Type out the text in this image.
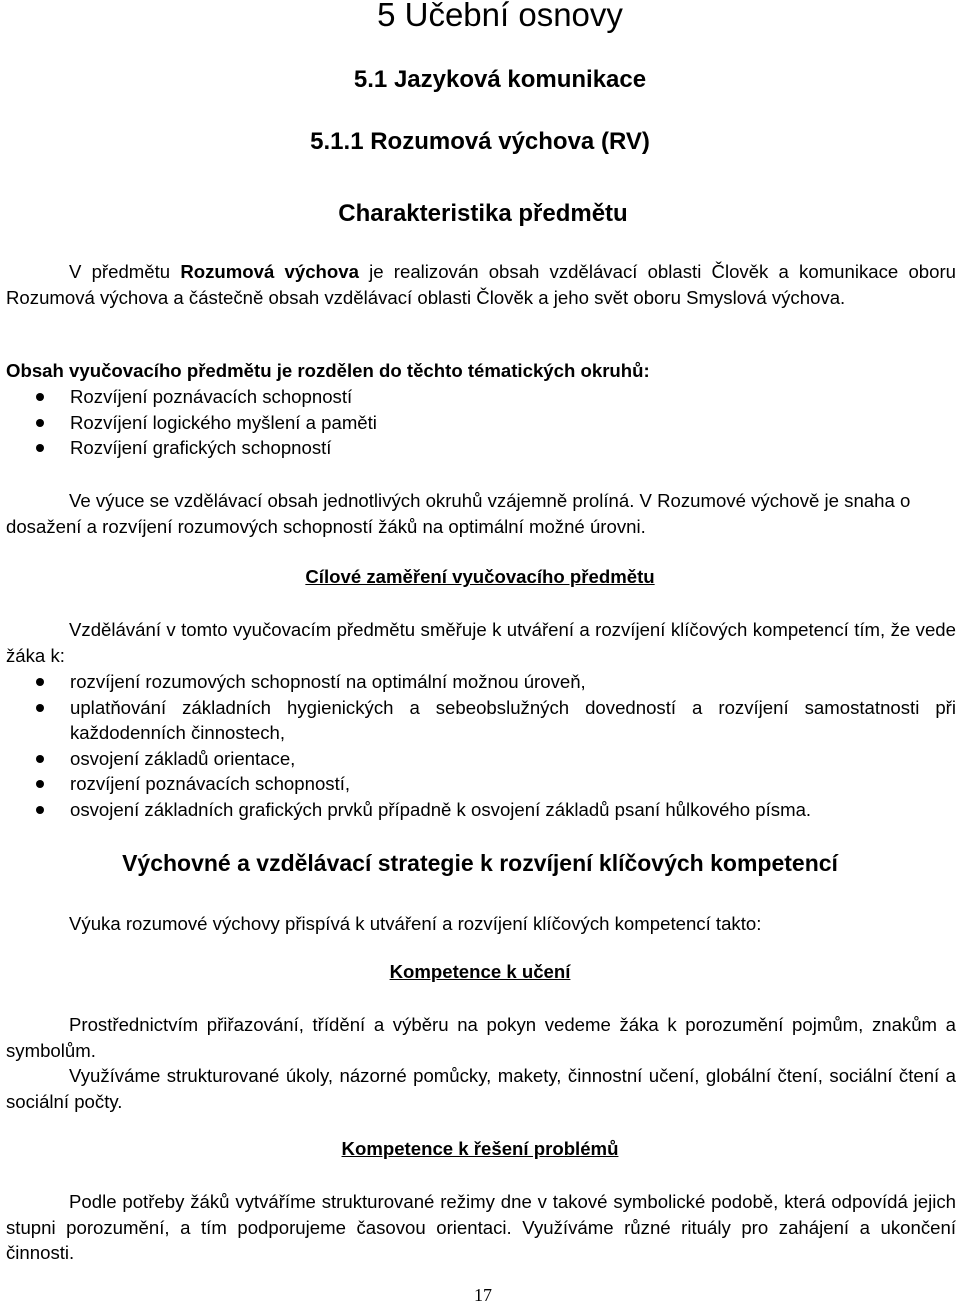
5 Učební osnovy
5.1 Jazyková komunikace
5.1.1 Rozumová výchova (RV)
Charakteristika předmětu

V předmětu Rozumová výchova je realizován obsah vzdělávací oblasti Člověk a komunikace oboru Rozumová výchova a částečně obsah vzdělávací oblasti Člověk a jeho svět oboru Smyslová výchova.

Obsah vyučovacího předmětu je rozdělen do těchto tématických okruhů:

Rozvíjení poznávacích schopností
Rozvíjení logického myšlení a paměti
Rozvíjení grafických schopností

Ve výuce se vzdělávací obsah jednotlivých okruhů vzájemně prolíná. V Rozumové výchově je snaha o dosažení a rozvíjení rozumových schopností žáků na optimální možné úrovni.

Cílové zaměření vyučovacího předmětu

Vzdělávání v tomto vyučovacím předmětu směřuje k utváření a rozvíjení klíčových kompetencí tím, že vede žáka k:

rozvíjení rozumových schopností na optimální možnou úroveň,
uplatňování základních hygienických a sebeobslužných dovedností a rozvíjení samostatnosti při každodenních činnostech,
osvojení základů orientace,
rozvíjení poznávacích schopností,
osvojení základních grafických prvků případně k osvojení základů psaní hůlkového písma.
Výchovné a vzdělávací strategie k rozvíjení klíčových kompetencí

Výuka rozumové výchovy přispívá k utváření a rozvíjení klíčových kompetencí takto:

Kompetence k učení

Prostřednictvím přiřazování, třídění a výběru na pokyn vedeme žáka k porozumění pojmům, znakům a symbolům.

Využíváme strukturované úkoly, názorné pomůcky, makety, činnostní učení, globální čtení, sociální čtení a sociální počty.

Kompetence k řešení problémů

Podle potřeby žáků vytváříme strukturované režimy dne v takové symbolické podobě, která odpovídá jejich stupni porozumění, a tím podporujeme časovou orientaci. Využíváme různé rituály pro zahájení a ukončení činnosti.

17
